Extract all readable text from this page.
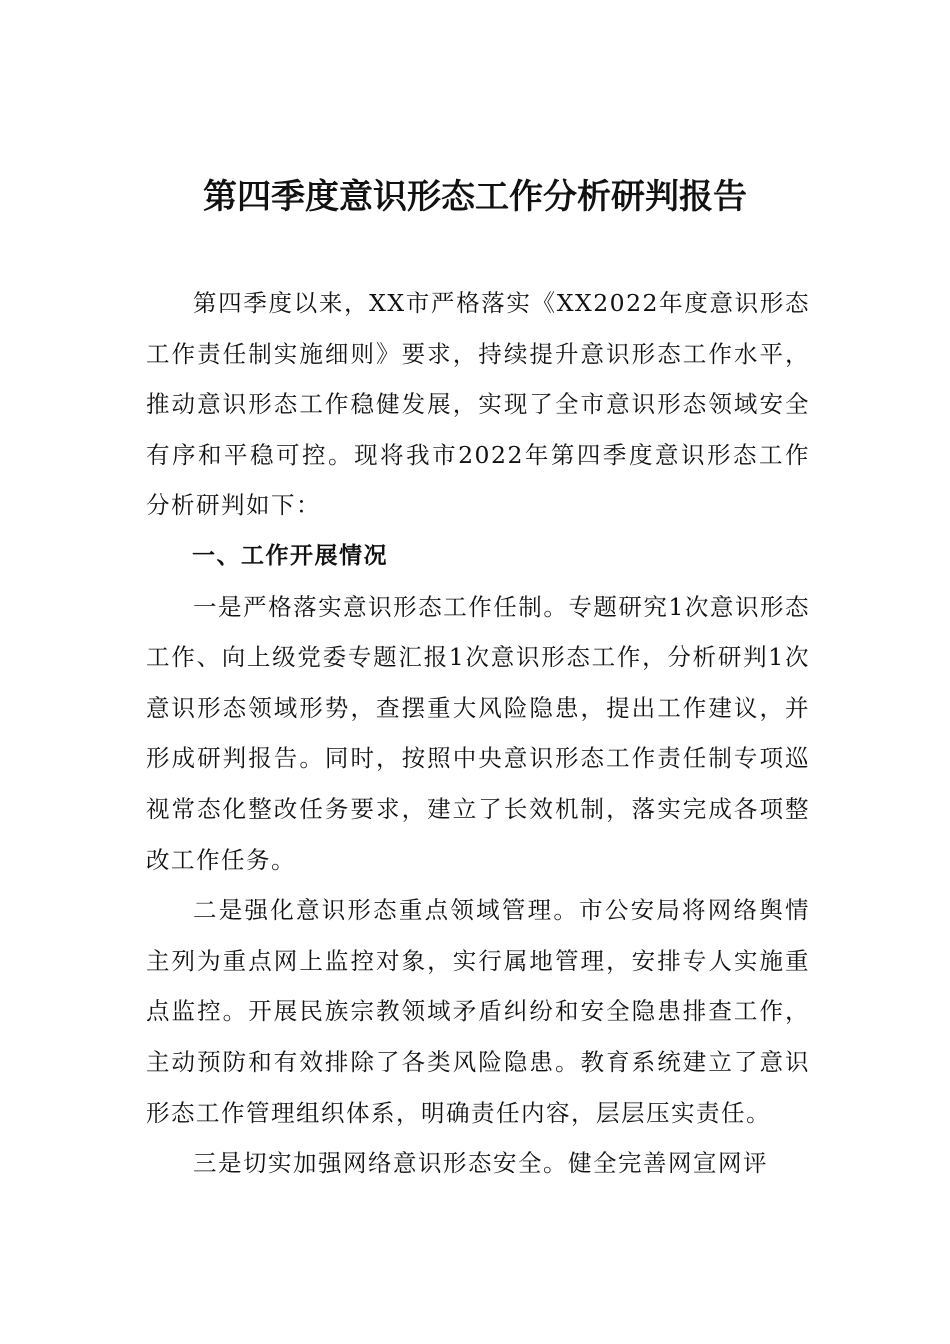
第四季度意识形态工作分析研判报告

第四季度以来，XX市严格落实《XX2022年度意识形态工作责任制实施细则》要求，持续提升意识形态工作水平，推动意识形态工作稳健发展，实现了全市意识形态领域安全有序和平稳可控。现将我市2022年第四季度意识形态工作分析研判如下：

一、工作开展情况

一是严格落实意识形态工作任制。专题研究1次意识形态工作、向上级党委专题汇报1次意识形态工作，分析研判1次意识形态领域形势，查摆重大风险隐患，提出工作建议，并形成研判报告。同时，按照中央意识形态工作责任制专项巡视常态化整改任务要求，建立了长效机制，落实完成各项整改工作任务。

二是强化意识形态重点领域管理。市公安局将网络舆情主列为重点网上监控对象，实行属地管理，安排专人实施重点监控。开展民族宗教领域矛盾纠纷和安全隐患排查工作，主动预防和有效排除了各类风险隐患。教育系统建立了意识形态工作管理组织体系，明确责任内容，层层压实责任。

三是切实加强网络意识形态安全。健全完善网宣网评
